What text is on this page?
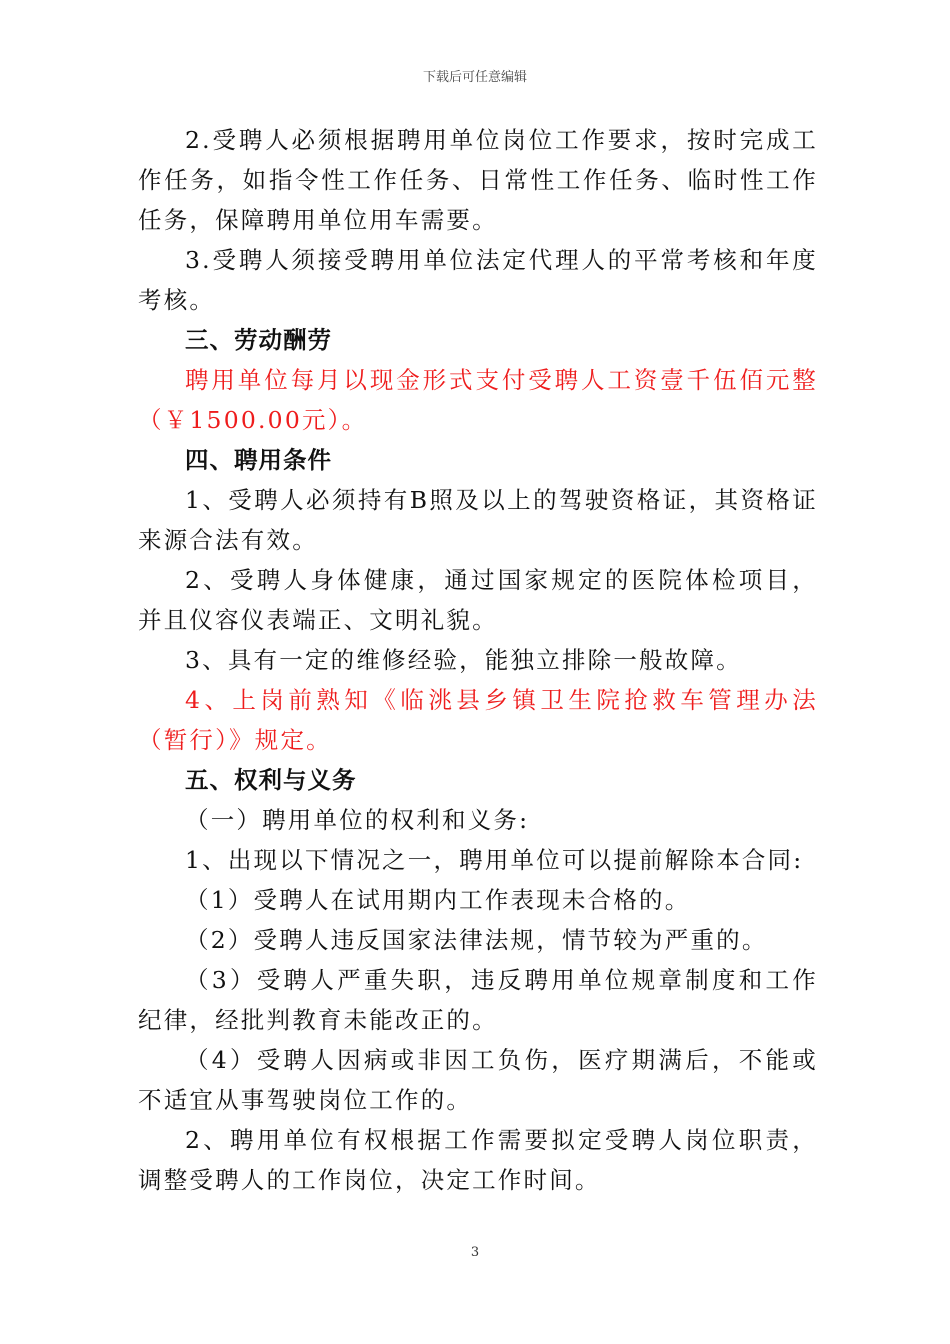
下载后可任意编辑

2.受聘人必须根据聘用单位岗位工作要求，按时完成工作任务，如指令性工作任务、日常性工作任务、临时性工作任务，保障聘用单位用车需要。

3.受聘人须接受聘用单位法定代理人的平常考核和年度考核。

三、劳动酬劳

聘用单位每月以现金形式支付受聘人工资壹千伍佰元整（￥1500.00元）。

四、聘用条件

1、受聘人必须持有B照及以上的驾驶资格证，其资格证来源合法有效。

2、受聘人身体健康，通过国家规定的医院体检项目，并且仪容仪表端正、文明礼貌。

3、具有一定的维修经验，能独立排除一般故障。

4、上岗前熟知《临洮县乡镇卫生院抢救车管理办法（暂行）》规定。

五、权利与义务

（一）聘用单位的权利和义务:

1、出现以下情况之一，聘用单位可以提前解除本合同:

（1）受聘人在试用期内工作表现未合格的。

（2）受聘人违反国家法律法规，情节较为严重的。

（3）受聘人严重失职，违反聘用单位规章制度和工作纪律，经批判教育未能改正的。

（4）受聘人因病或非因工负伤，医疗期满后，不能或不适宜从事驾驶岗位工作的。

2、聘用单位有权根据工作需要拟定受聘人岗位职责，调整受聘人的工作岗位，决定工作时间。

3
